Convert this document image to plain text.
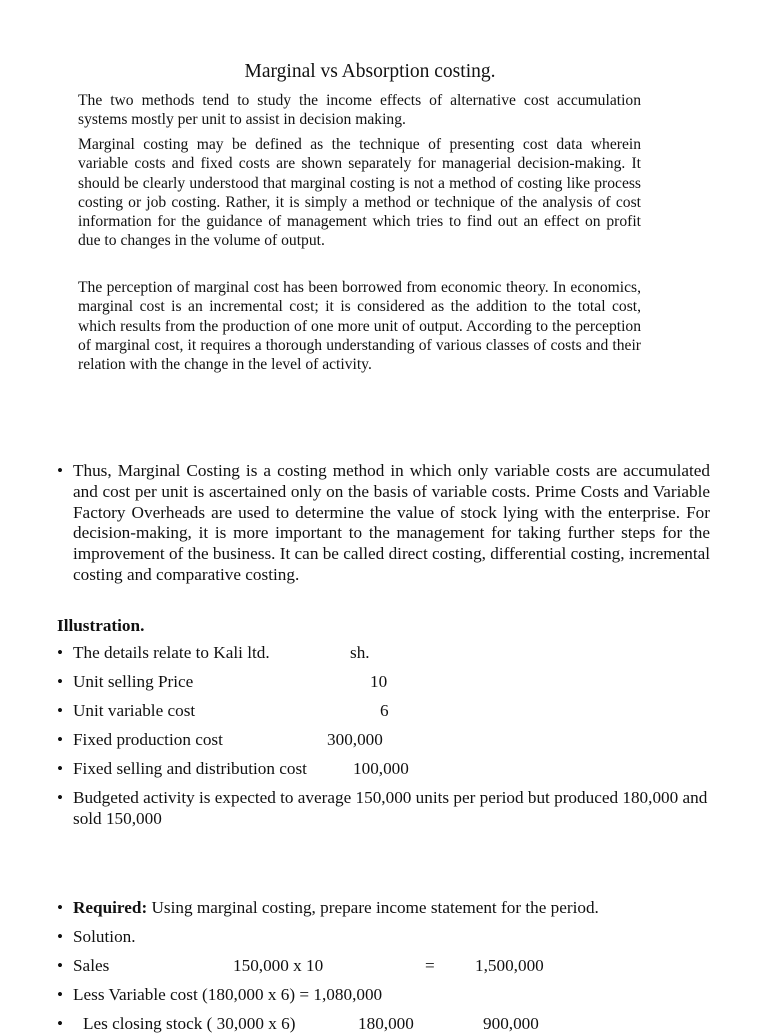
Marginal vs Absorption costing.

The two methods tend to study the income effects of alternative cost accumulation systems mostly per unit to assist in decision making.

Marginal costing may be defined as the technique of presenting cost data wherein variable costs and fixed costs are shown separately for managerial decision-making. It should be clearly understood that marginal costing is not a method of costing like process costing or job costing. Rather, it is simply a method or technique of the analysis of cost information for the guidance of management which tries to find out an effect on profit due to changes in the volume of output.

The perception of marginal cost has been borrowed from economic theory. In economics, marginal cost is an incremental cost; it is considered as the addition to the total cost, which results from the production of one more unit of output. According to the perception of marginal cost, it requires a thorough understanding of various classes of costs and their relation with the change in the level of activity.

• Thus, Marginal Costing is a costing method in which only variable costs are accumulated and cost per unit is ascertained only on the basis of variable costs. Prime Costs and Variable Factory Overheads are used to determine the value of stock lying with the enterprise. For decision-making, it is more important to the management for taking further steps for the improvement of the business. It can be called direct costing, differential costing, incremental costing and comparative costing.
Illustration.
• The details relate to Kali ltd.	sh.
• Unit selling Price	10
• Unit variable cost	6
• Fixed production cost	300,000
• Fixed selling and distribution cost	100,000
• Budgeted activity is expected to average 150,000 units per period but produced 180,000 and sold 150,000
• Required: Using marginal costing, prepare income statement for the period.
• Solution.
• Sales	150,000 x 10	= 1,500,000
• Less Variable cost (180,000 x 6) = 1,080,000
• Les closing stock ( 30,000 x 6)	180,000	900,000
